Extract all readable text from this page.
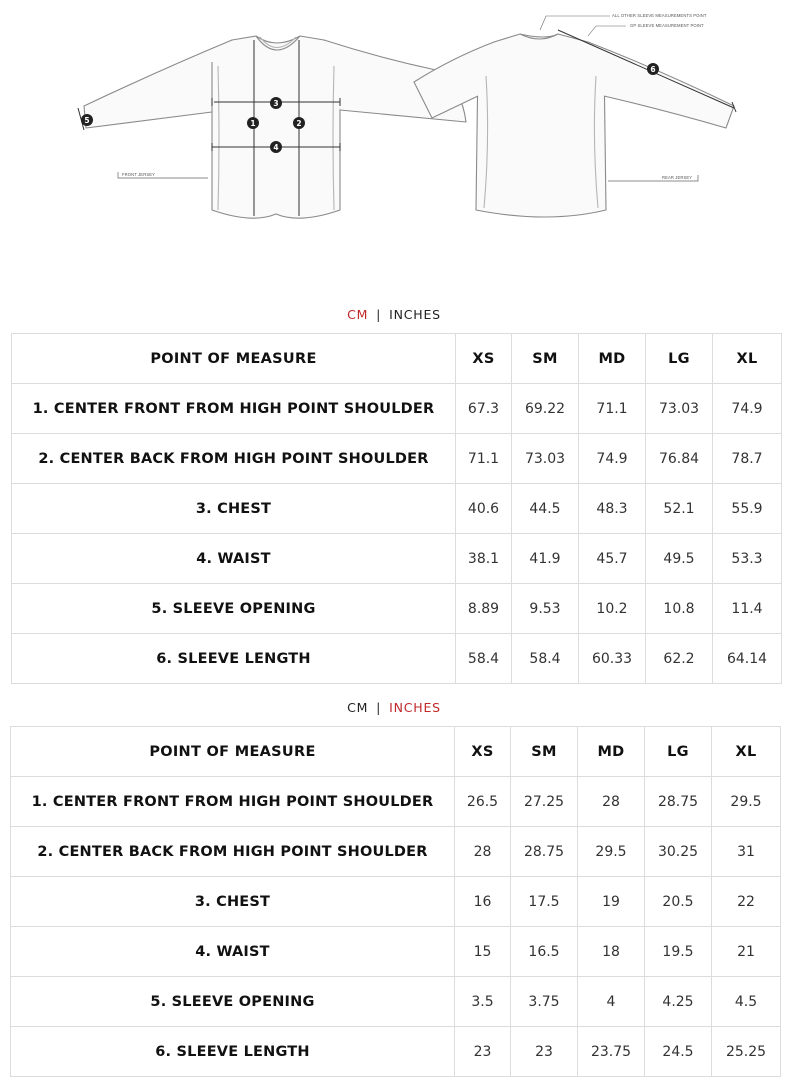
3
1	2
4
5
FRONT JERSEY
6
ALL OTHER SLEEVE MEASUREMENTS POINT
GP SLEEVE MEASUREMENT POINT
REAR JERSEY
CM | INCHES
POINT OF MEASURE	XS	SM	MD	LG	XL
1. CENTER FRONT FROM HIGH POINT SHOULDER	67.3	69.22	71.1	73.03	74.9
2. CENTER BACK FROM HIGH POINT SHOULDER	71.1	73.03	74.9	76.84	78.7
3. CHEST	40.6	44.5	48.3	52.1	55.9
4. WAIST	38.1	41.9	45.7	49.5	53.3
5. SLEEVE OPENING	8.89	9.53	10.2	10.8	11.4
6. SLEEVE LENGTH	58.4	58.4	60.33	62.2	64.14
CM | INCHES
POINT OF MEASURE	XS	SM	MD	LG	XL
1. CENTER FRONT FROM HIGH POINT SHOULDER	26.5	27.25	28	28.75	29.5
2. CENTER BACK FROM HIGH POINT SHOULDER	28	28.75	29.5	30.25	31
3. CHEST	16	17.5	19	20.5	22
4. WAIST	15	16.5	18	19.5	21
5. SLEEVE OPENING	3.5	3.75	4	4.25	4.5
6. SLEEVE LENGTH	23	23	23.75	24.5	25.25
